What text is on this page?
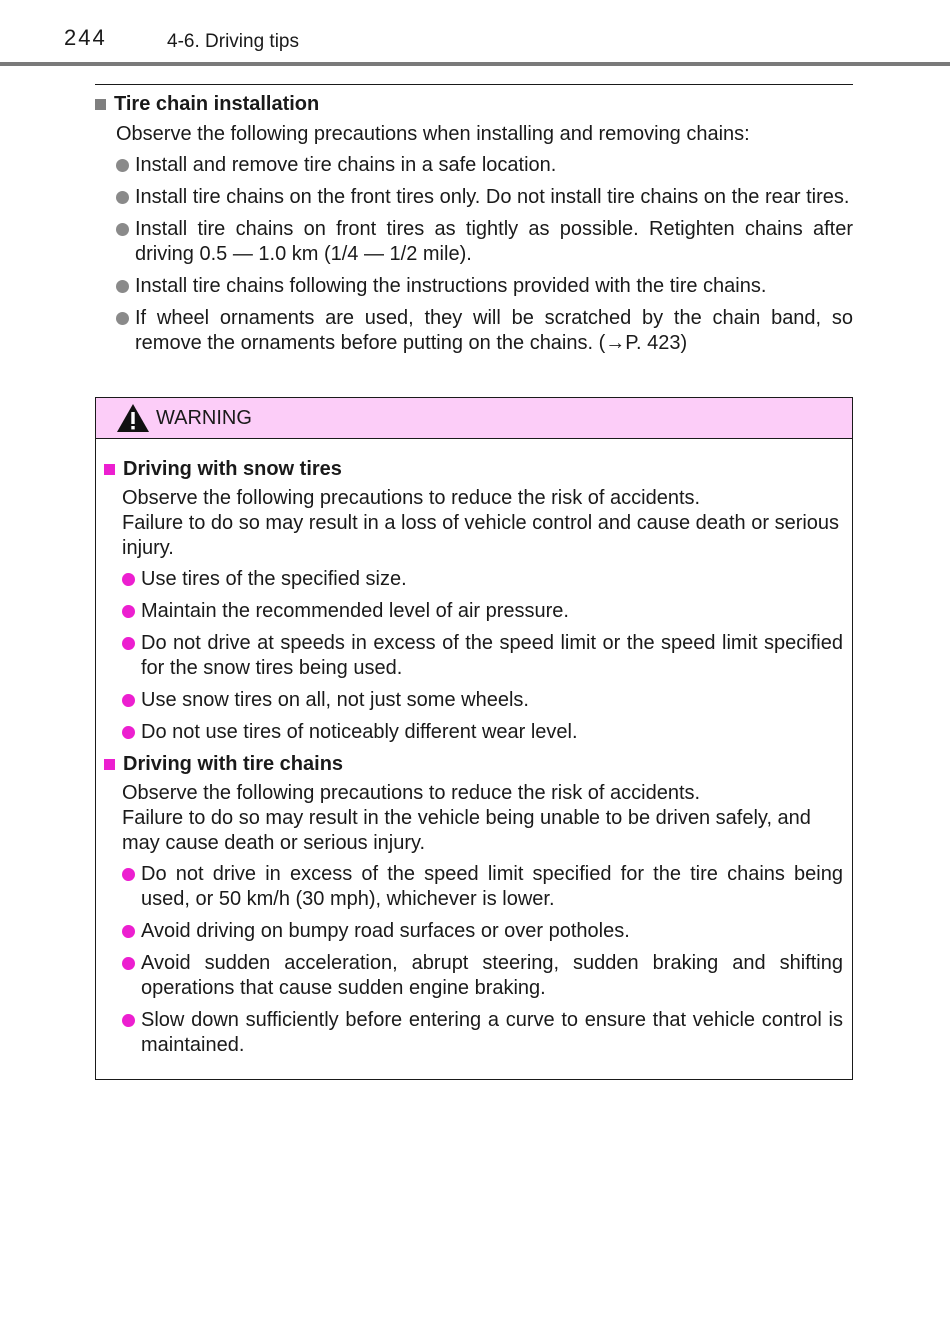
244	4-6. Driving tips
Tire chain installation
Observe the following precautions when installing and removing chains:
Install and remove tire chains in a safe location.
Install tire chains on the front tires only. Do not install tire chains on the rear tires.
Install tire chains on front tires as tightly as possible. Retighten chains after driving 0.5 — 1.0 km (1/4 — 1/2 mile).
Install tire chains following the instructions provided with the tire chains.
If wheel ornaments are used, they will be scratched by the chain band, so remove the ornaments before putting on the chains. (→P. 423)
WARNING
Driving with snow tires
Observe the following precautions to reduce the risk of accidents.
Failure to do so may result in a loss of vehicle control and cause death or serious injury.
Use tires of the specified size.
Maintain the recommended level of air pressure.
Do not drive at speeds in excess of the speed limit or the speed limit specified for the snow tires being used.
Use snow tires on all, not just some wheels.
Do not use tires of noticeably different wear level.
Driving with tire chains
Observe the following precautions to reduce the risk of accidents.
Failure to do so may result in the vehicle being unable to be driven safely, and may cause death or serious injury.
Do not drive in excess of the speed limit specified for the tire chains being used, or 50 km/h (30 mph), whichever is lower.
Avoid driving on bumpy road surfaces or over potholes.
Avoid sudden acceleration, abrupt steering, sudden braking and shifting operations that cause sudden engine braking.
Slow down sufficiently before entering a curve to ensure that vehicle control is maintained.
